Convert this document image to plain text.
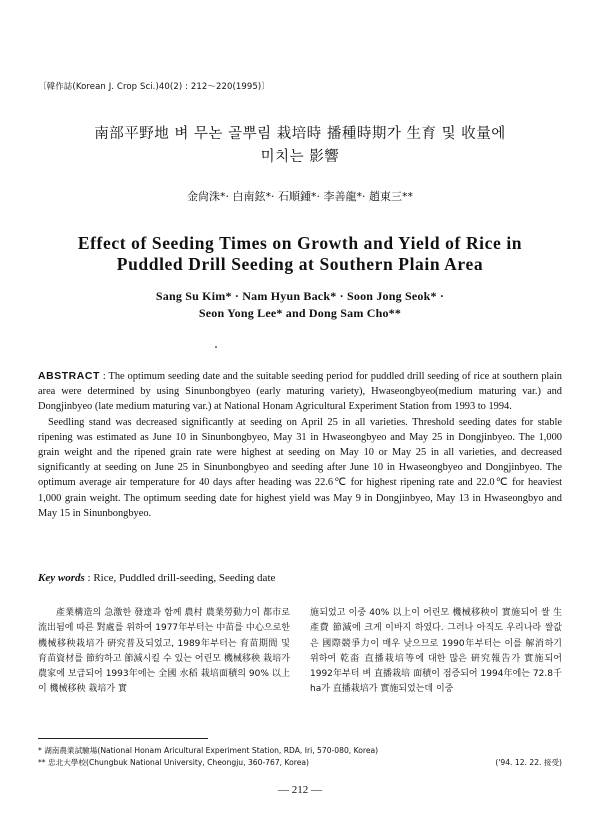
〔韓作誌(Korean J. Crop Sci.)40(2) : 212～220(1995)〕
南部平野地 벼 무논 골뿌림 栽培時 播種時期가 生育 및 收量에
미치는 影響
金尙洙*· 白南鉉*· 石順鍾*· 李善龍*· 趙東三**
Effect of Seeding Times on Growth and Yield of Rice in
Puddled Drill Seeding at Southern Plain Area
Sang Su Kim* · Nam Hyun Back* · Soon Jong Seok* ·
Seon Yong Lee* and Dong Sam Cho**

ABSTRACT : The optimum seeding date and the suitable seeding period for puddled drill seeding of rice at southern plain area were determined by using Sinunbongbyeo (early maturing variety), Hwaseongbyeo(medium maturing var.) and Dongjinbyeo (late medium maturing var.) at National Honam Agricultural Experiment Station from 1993 to 1994.

Seedling stand was decreased significantly at seeding on April 25 in all varieties. Threshold seeding dates for stable ripening was estimated as June 10 in Sinunbongbyeo, May 31 in Hwaseongbyeo and May 25 in Dongjinbyeo. The 1,000 grain weight and the ripened grain rate were highest at seeding on May 10 or May 25 in all varieties, and decreased significantly at seeding on June 25 in Sinunbongbyeo and seeding after June 10 in Hwaseongbyeo and Dongjinbyeo. The optimum average air temperature for 40 days after heading was 22.6℃ for highest ripening rate and 22.0℃ for heaviest 1,000 grain weight. The optimum seeding date for highest yield was May 9 in Dongjinbyeo, May 13 in Hwaseongbyo and May 15 in Sinunbongbyeo.

Key words : Rice, Puddled drill-seeding, Seeding date

產業構造의 急激한 發達과 함께 農村 農業勞動力이 都市로 流出됨에 따른 對處를 위하여 1977年부터는 中苗를 中心으로한 機械移秧栽培가 硏究普及되었고, 1989年부터는 育苗期間 및 育苗資材를 節約하고 節減시킬 수 있는 어린모 機械移秧 栽培가 農家에 보급되어 1993年에는 全國 水稻 栽培面積의 90% 以上이 機械移秧 栽培가 實

施되었고 이중 40% 以上이 어린모 機械移秧이 實施되어 쌀 生產費 節減에 크게 이바지 하였다. 그러나 아직도 우리나라 쌀값은 國際競爭力이 매우 낮으므로 1990年부터는 이를 解消하기 위하여 乾畓 直播栽培等에 대한 많은 硏究報告가 實施되어 1992年부터 벼 直播栽培 面積이 점증되어 1994年에는 72.8千ha가 直播栽培가 實施되었는데 이중

* 湖南農業試驗場(National Honam Aricultural Experiment Station, RDA, Iri, 570-080, Korea)
** 忠北大學校(Chungbuk National University, Cheongju, 360-767, Korea)	('94. 12. 22. 接受)
— 212 —
